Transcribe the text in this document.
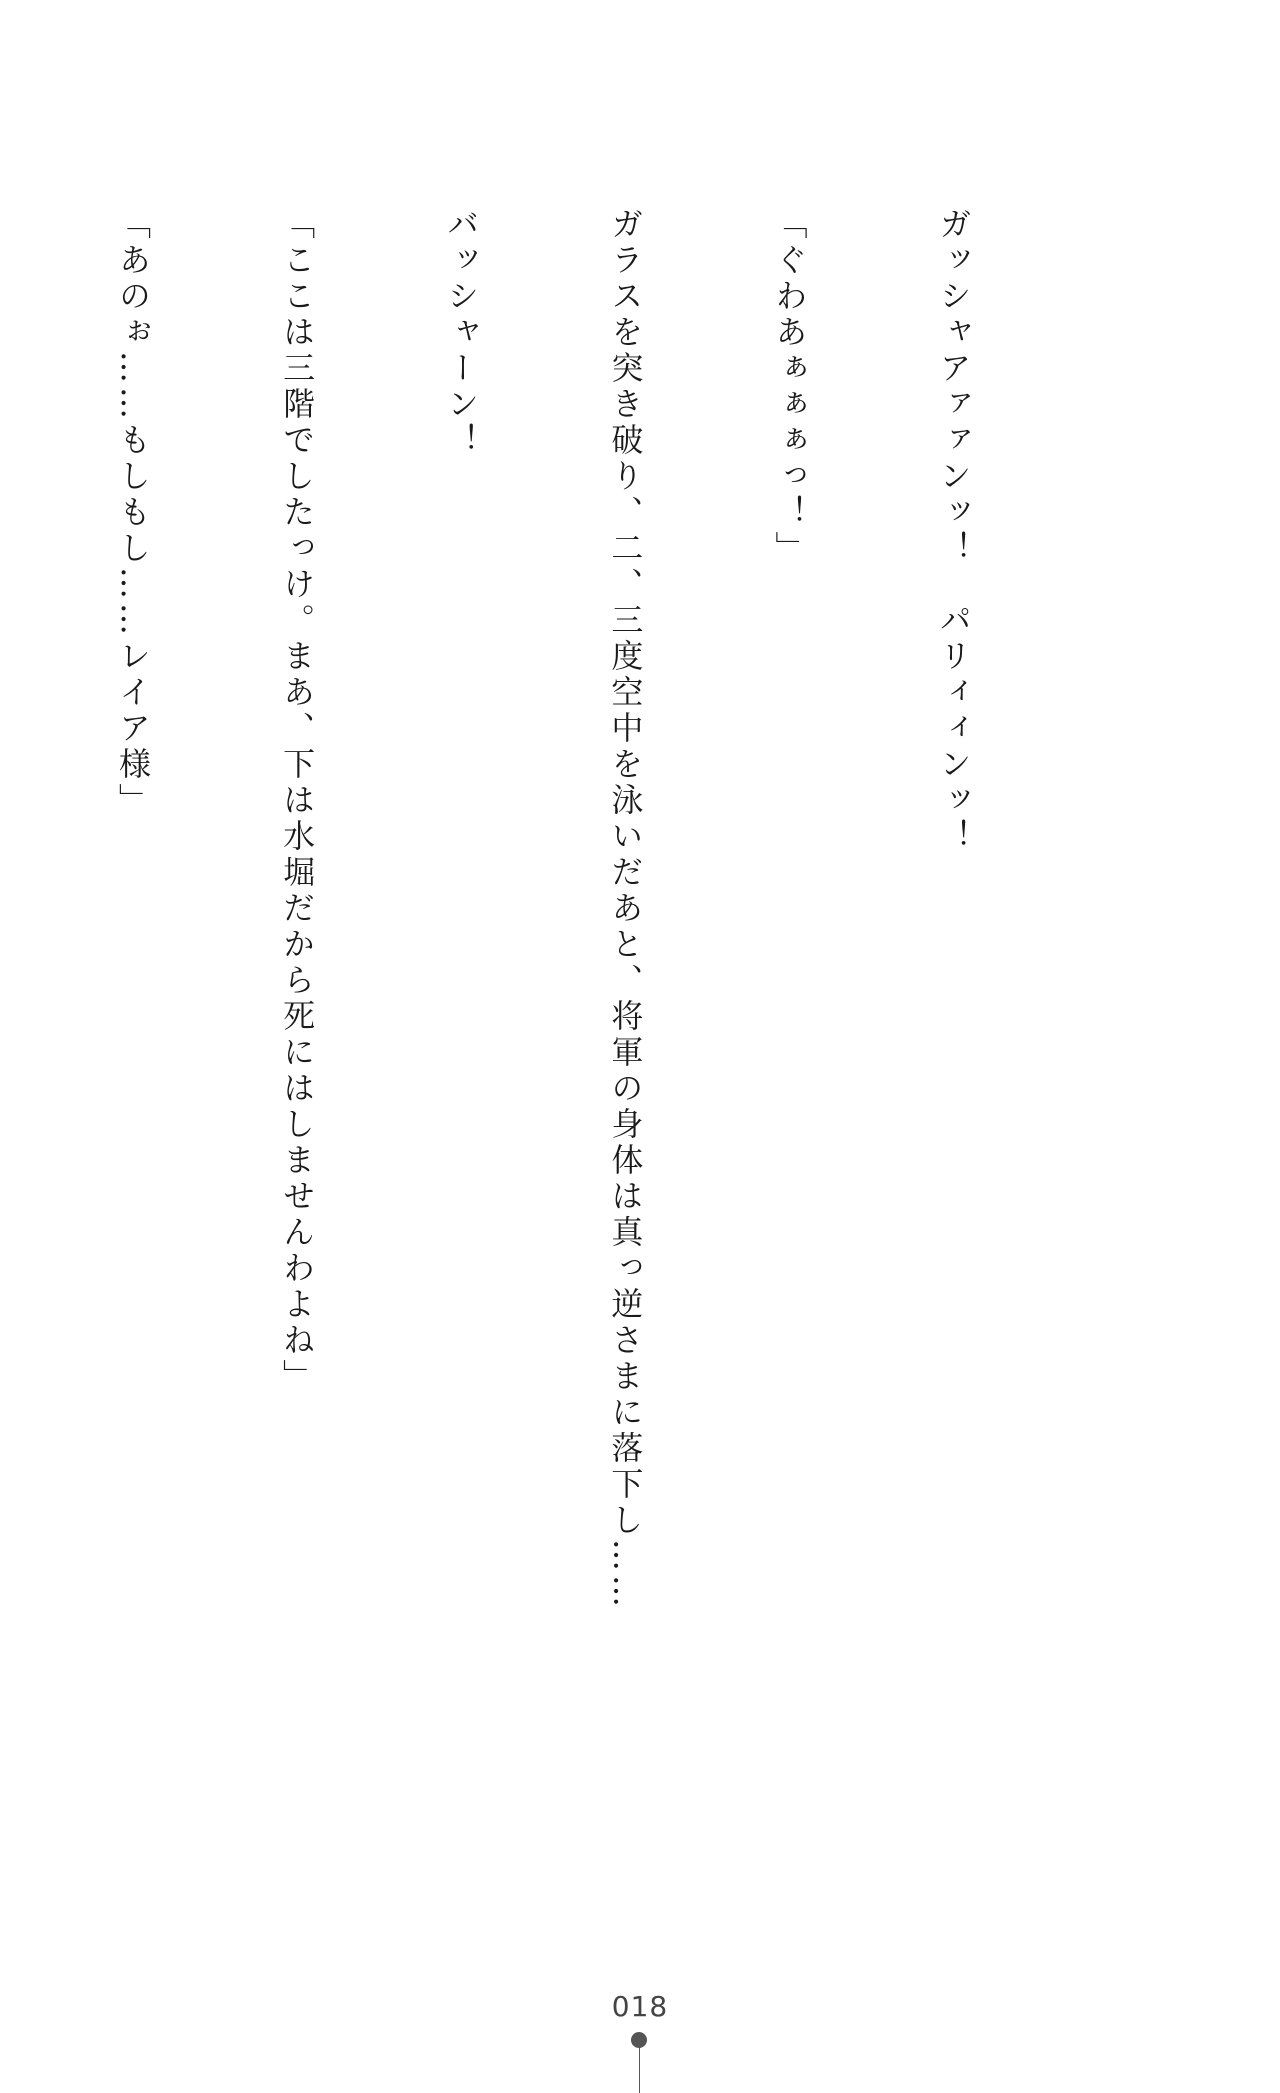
ガッシャアァァンッ！　パリィィンッ！

「ぐわあぁぁぁっ！」

ガラスを突き破り、二、三度空中を泳いだあと、将軍の身体は真っ逆さまに落下し……

バッシャーン！

「ここは三階でしたっけ。まあ、下は水堀だから死にはしませんわよね」

「あのぉ……もしもし……レイア様」

018
